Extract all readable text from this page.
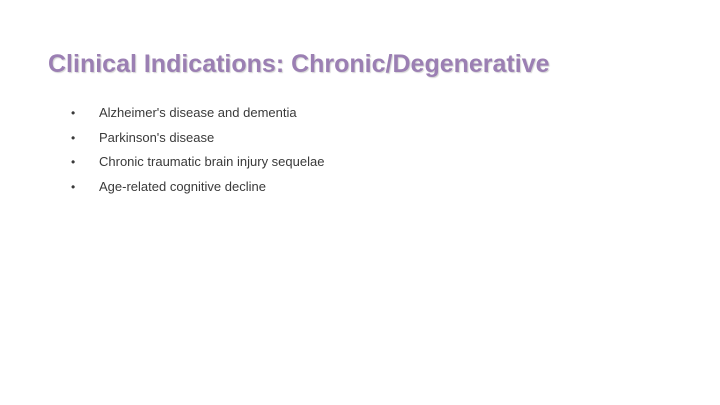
Clinical Indications: Chronic/Degenerative
• Alzheimer's disease and dementia
• Parkinson's disease
• Chronic traumatic brain injury sequelae
• Age-related cognitive decline
